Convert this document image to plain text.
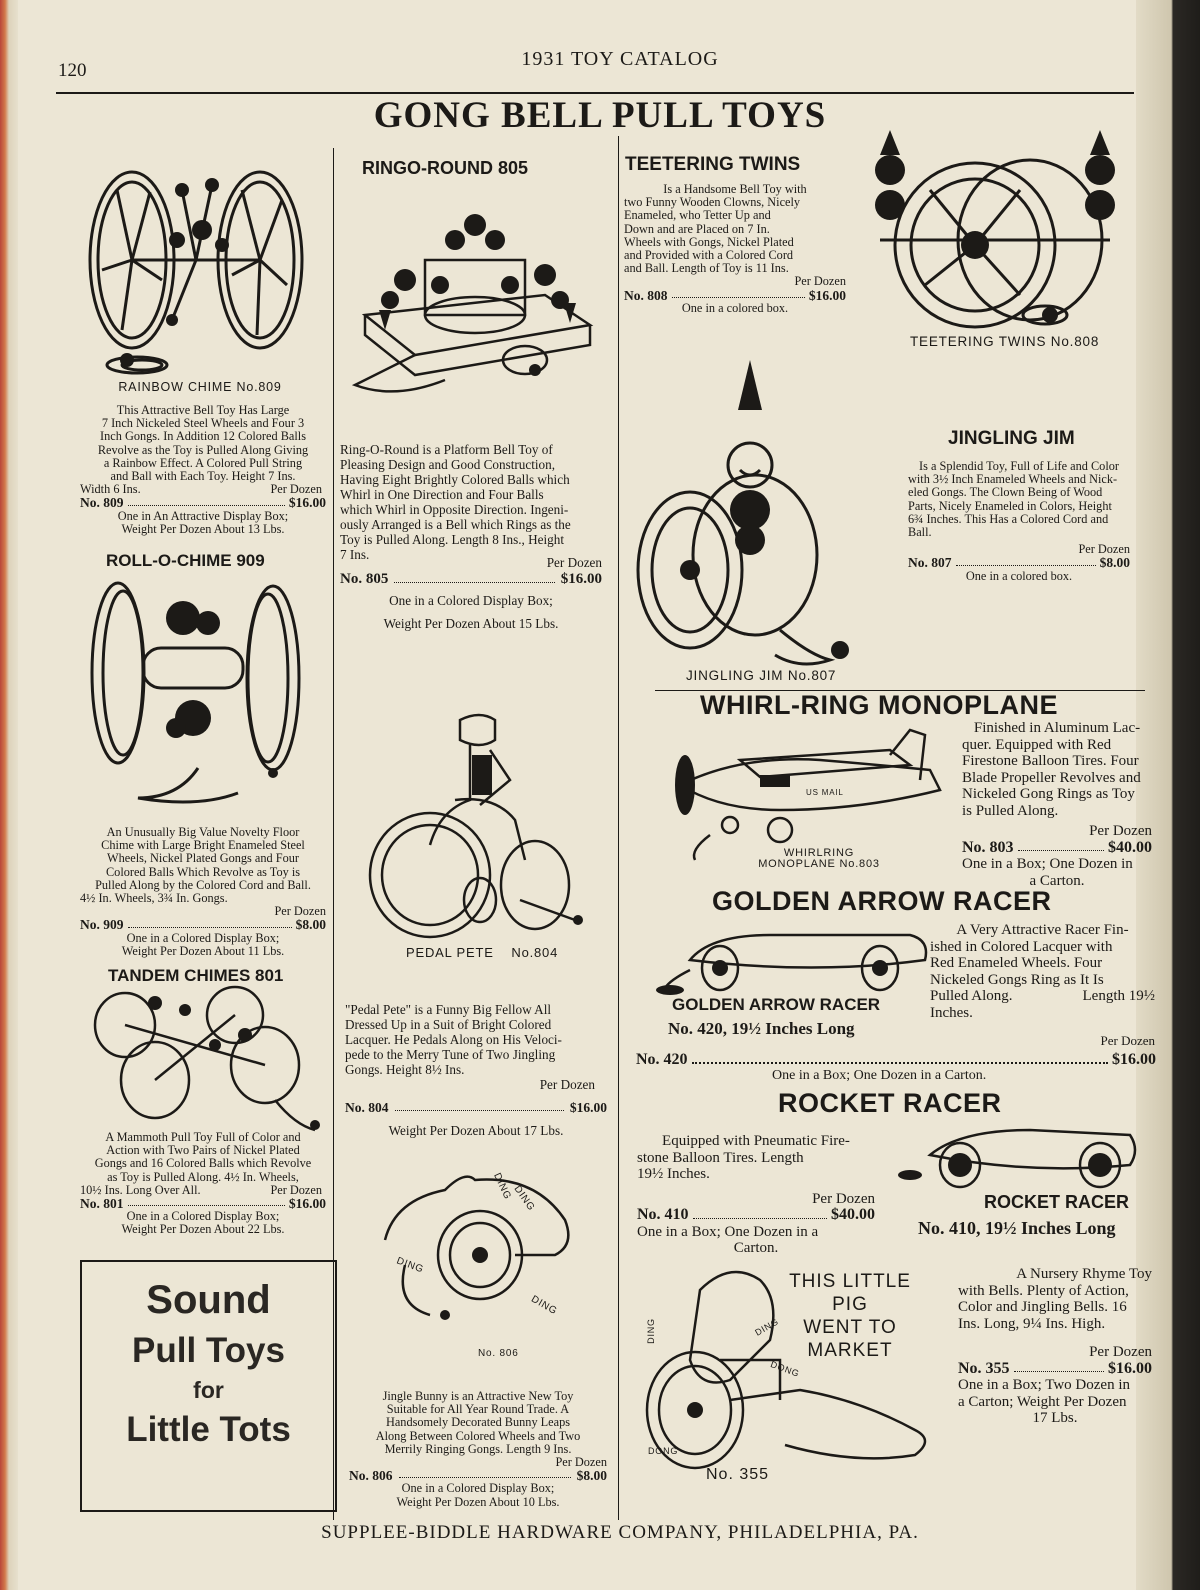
120
1931 TOY CATALOG
GONG BELL PULL TOYS
RAINBOW CHIME No.809
This Attractive Bell Toy Has Large
7 Inch Nickeled Steel Wheels and Four 3
Inch Gongs. In Addition 12 Colored Balls
Revolve as the Toy is Pulled Along Giving
a Rainbow Effect. A Colored Pull String
and Ball with Each Toy. Height 7 Ins.
Width 6 Ins.	Per Dozen
No. 809	$16.00
One in An Attractive Display Box;
Weight Per Dozen About 13 Lbs.
ROLL-O-CHIME 909
An Unusually Big Value Novelty Floor
Chime with Large Bright Enameled Steel
Wheels, Nickel Plated Gongs and Four
Colored Balls Which Revolve as Toy is
Pulled Along by the Colored Cord and Ball.
4½ In. Wheels, 3¾ In. Gongs.
Per Dozen
No. 909	$8.00
One in a Colored Display Box;
Weight Per Dozen About 11 Lbs.
TANDEM CHIMES 801
A Mammoth Pull Toy Full of Color and
Action with Two Pairs of Nickel Plated
Gongs and 16 Colored Balls which Revolve
as Toy is Pulled Along. 4½ In. Wheels,
10½ Ins. Long Over All.	Per Dozen
No. 801	$16.00
One in a Colored Display Box;
Weight Per Dozen About 22 Lbs.
Sound
Pull Toys
for
Little Tots
RINGO-ROUND 805
Ring-O-Round is a Platform Bell Toy of
Pleasing Design and Good Construction,
Having Eight Brightly Colored Balls which
Whirl in One Direction and Four Balls
which Whirl in Opposite Direction. Ingeni-
ously Arranged is a Bell which Rings as the
Toy is Pulled Along. Length 8 Ins., Height
7 Ins.
Per Dozen
No. 805	$16.00
One in a Colored Display Box;
Weight Per Dozen About 15 Lbs.
PEDAL PETE No.804
"Pedal Pete" is a Funny Big Fellow All
Dressed Up in a Suit of Bright Colored
Lacquer. He Pedals Along on His Veloci-
pede to the Merry Tune of Two Jingling
Gongs. Height 8½ Ins.
Per Dozen
No. 804	$16.00
Weight Per Dozen About 17 Lbs.
DING
DING
DING
DING
No. 806
Jingle Bunny is an Attractive New Toy
Suitable for All Year Round Trade. A
Handsomely Decorated Bunny Leaps
Along Between Colored Wheels and Two
Merrily Ringing Gongs. Length 9 Ins.
Per Dozen
No. 806	$8.00
One in a Colored Display Box;
Weight Per Dozen About 10 Lbs.
TEETERING TWINS
Is a Handsome Bell Toy with
two Funny Wooden Clowns, Nicely
Enameled, who Tetter Up and
Down and are Placed on 7 In.
Wheels with Gongs, Nickel Plated
and Provided with a Colored Cord
and Ball. Length of Toy is 11 Ins.
Per Dozen
No. 808	$16.00
One in a colored box.
TEETERING TWINS No.808
JINGLING JIM No.807
JINGLING JIM
Is a Splendid Toy, Full of Life and Color
with 3½ Inch Enameled Wheels and Nick-
eled Gongs. The Clown Being of Wood
Parts, Nicely Enameled in Colors, Height
6¾ Inches. This Has a Colored Cord and
Ball.
Per Dozen
No. 807	$8.00
One in a colored box.
WHIRL-RING MONOPLANE
US MAIL
WHIRLRING
MONOPLANE No.803
Finished in Aluminum Lac-
quer. Equipped with Red
Firestone Balloon Tires. Four
Blade Propeller Revolves and
Nickeled Gong Rings as Toy
is Pulled Along.
Per Dozen
No. 803	$40.00
One in a Box; One Dozen in
a Carton.
GOLDEN ARROW RACER
GOLDEN ARROW RACER
No. 420, 19½ Inches Long
A Very Attractive Racer Fin-
ished in Colored Lacquer with
Red Enameled Wheels. Four
Nickeled Gongs Ring as It Is
Pulled Along.	Length 19½
Inches.
Per Dozen
No. 420	$16.00
One in a Box; One Dozen in a Carton.
ROCKET RACER
Equipped with Pneumatic Fire-
stone Balloon Tires. Length
19½ Inches.
Per Dozen
No. 410	$40.00
One in a Box; One Dozen in a
Carton.
ROCKET RACER
No. 410, 19½ Inches Long
THIS LITTLE
PIG
WENT TO
MARKET
DING	DING
DONG
DONG
No. 355
A Nursery Rhyme Toy
with Bells. Plenty of Action,
Color and Jingling Bells. 16
Ins. Long, 9¼ Ins. High.
Per Dozen
No. 355	$16.00
One in a Box; Two Dozen in
a Carton; Weight Per Dozen
17 Lbs.
SUPPLEE-BIDDLE HARDWARE COMPANY, PHILADELPHIA, PA.
